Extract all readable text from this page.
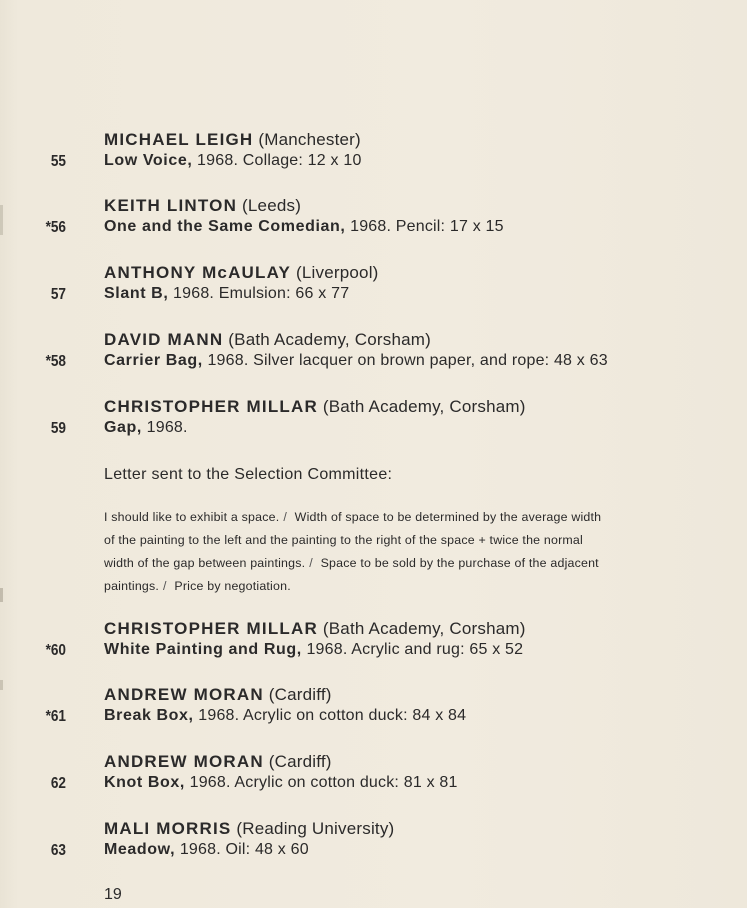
MICHAEL LEIGH (Manchester)
55 Low Voice, 1968. Collage: 12 x 10
KEITH LINTON (Leeds)
*56 One and the Same Comedian, 1968. Pencil: 17 x 15
ANTHONY McAULAY (Liverpool)
57 Slant B, 1968. Emulsion: 66 x 77
DAVID MANN (Bath Academy, Corsham)
*58 Carrier Bag, 1968. Silver lacquer on brown paper, and rope: 48 x 63
CHRISTOPHER MILLAR (Bath Academy, Corsham)
59 Gap, 1968.
Letter sent to the Selection Committee:
I should like to exhibit a space. / Width of space to be determined by the average width
of the painting to the left and the painting to the right of the space + twice the normal
width of the gap between paintings. / Space to be sold by the purchase of the adjacent
paintings. / Price by negotiation.
CHRISTOPHER MILLAR (Bath Academy, Corsham)
*60 White Painting and Rug, 1968. Acrylic and rug: 65 x 52
ANDREW MORAN (Cardiff)
*61 Break Box, 1968. Acrylic on cotton duck: 84 x 84
ANDREW MORAN (Cardiff)
62 Knot Box, 1968. Acrylic on cotton duck: 81 x 81
MALI MORRIS (Reading University)
63 Meadow, 1968. Oil: 48 x 60
19
